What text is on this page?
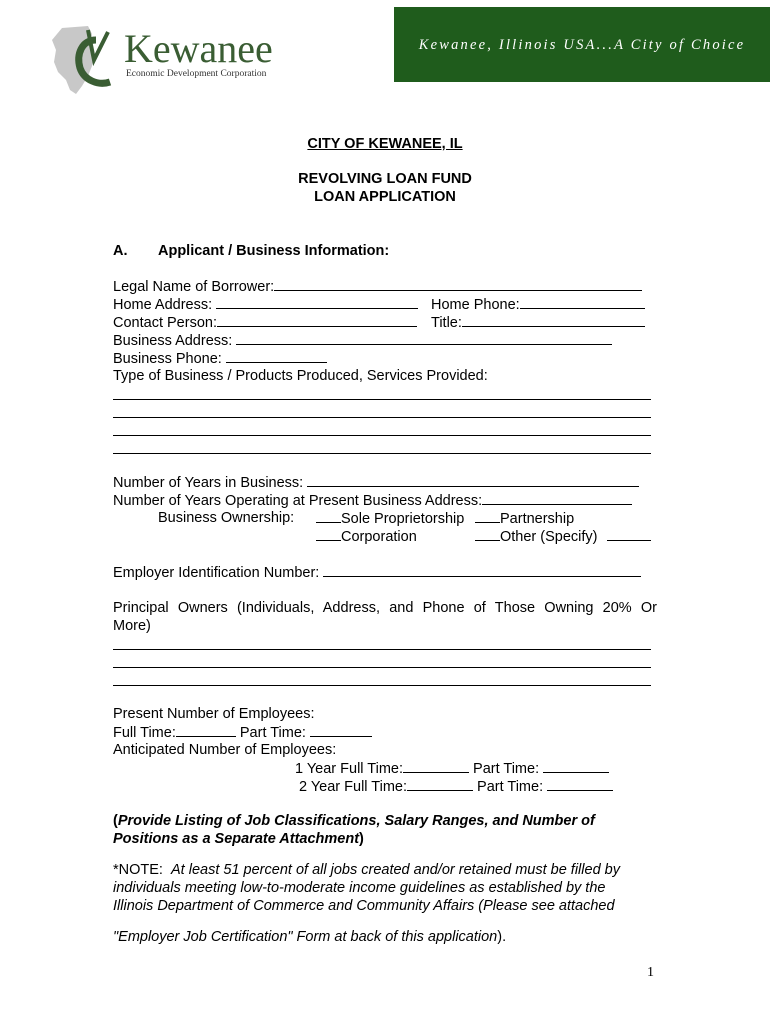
Kewanee
Economic Development Corporation
Kewanee, Illinois USA...A City of Choice
CITY OF KEWANEE, IL
REVOLVING LOAN FUND
LOAN APPLICATION
A. Applicant / Business Information:
Legal Name of Borrower:
Home Address:	Home Phone:
Contact Person:	Title:
Business Address:
Business Phone:
Type of Business / Products Produced, Services Provided:
Number of Years in Business:
Number of Years Operating at Present Business Address:
Business Ownership:	Sole Proprietorship	Partnership
Corporation	Other (Specify)
Employer Identification Number:
Principal Owners (Individuals, Address, and Phone of Those Owning 20% Or
More)
Present Number of Employees:
Full Time:	Part Time:
Anticipated Number of Employees:
1 Year Full Time:	Part Time:
2 Year Full Time:	Part Time:
(Provide Listing of Job Classifications, Salary Ranges, and Number of
Positions as a Separate Attachment)
*NOTE: At least 51 percent of all jobs created and/or retained must be filled by
individuals meeting low-to-moderate income guidelines as established by the
Illinois Department of Commerce and Community Affairs (Please see attached
"Employer Job Certification" Form at back of this application).
1
